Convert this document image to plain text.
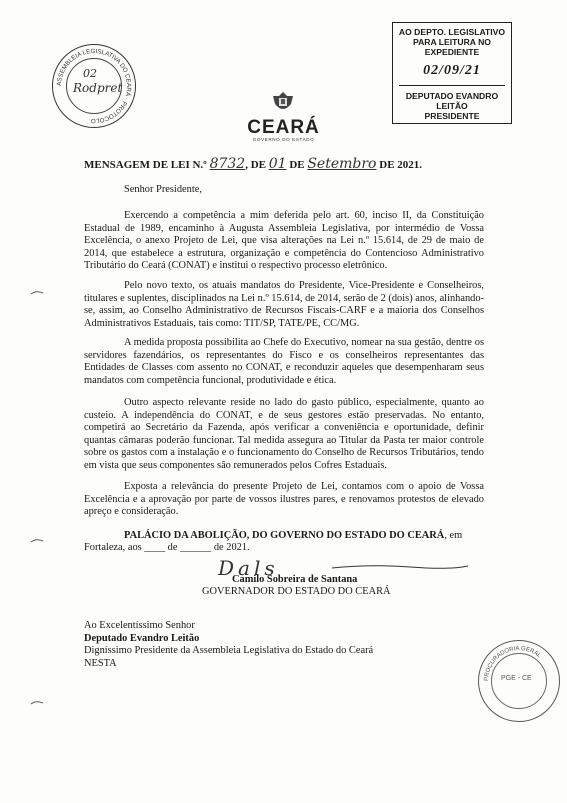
ASSEMBLEIA LEGISLATIVA DO CEARÁ · PROTOCOLO
02
Rodpret
AO DEPTO. LEGISLATIVO
PARA LEITURA NO EXPEDIENTE
02/09/21
DEPUTADO EVANDRO LEITÃO
PRESIDENTE
CEARÁ
GOVERNO DO ESTADO
MENSAGEM DE LEI N.º 8732, DE 01 DE Setembro DE 2021.
Senhor Presidente,
Exercendo a competência a mim deferida pelo art. 60, inciso II, da Constituição Estadual de 1989, encaminho à Augusta Assembleia Legislativa, por intermédio de Vossa Excelência, o anexo Projeto de Lei, que visa alterações na Lei n.º 15.614, de 29 de maio de 2014, que estabelece a estrutura, organização e competência do Contencioso Administrativo Tributário do Ceará (CONAT) e institui o respectivo processo eletrônico.
Pelo novo texto, os atuais mandatos do Presidente, Vice-Presidente e Conselheiros, titulares e suplentes, disciplinados na Lei n.º 15.614, de 2014, serão de 2 (dois) anos, alinhando-se, assim, ao Conselho Administrativo de Recursos Fiscais-CARF e a maioria dos Conselhos Administrativos Estaduais, tais como: TIT/SP, TATE/PE, CC/MG.
A medida proposta possibilita ao Chefe do Executivo, nomear na sua gestão, dentre os servidores fazendários, os representantes do Fisco e os conselheiros representantes das Entidades de Classes com assento no CONAT, e reconduzir aqueles que desempenharam seus mandatos com competência funcional, produtividade e ética.
Outro aspecto relevante reside no lado do gasto público, especialmente, quanto ao custeio. A independência do CONAT, e de seus gestores estão preservadas. No entanto, competirá ao Secretário da Fazenda, após verificar a conveniência e oportunidade, definir quantas câmaras poderão funcionar. Tal medida assegura ao Titular da Pasta ter maior controle sobre os gastos com a instalação e o funcionamento do Conselho de Recursos Tributários, tendo em vista que seus componentes são remunerados pelos Cofres Estaduais.
Exposta a relevância do presente Projeto de Lei, contamos com o apoio de Vossa Excelência e a aprovação por parte de vossos ilustres pares, e renovamos protestos de elevado apreço e consideração.
PALÁCIO DA ABOLIÇÃO, DO GOVERNO DO ESTADO DO CEARÁ, em
Fortaleza, aos ____ de ______ de 2021.
Dals
Camilo Sobreira de Santana
GOVERNADOR DO ESTADO DO CEARÁ
Ao Excelentíssimo Senhor
Deputado Evandro Leitão
Digníssimo Presidente da Assembleia Legislativa do Estado do Ceará
NESTA
PROCURADORIA GERAL
PGE - CE
